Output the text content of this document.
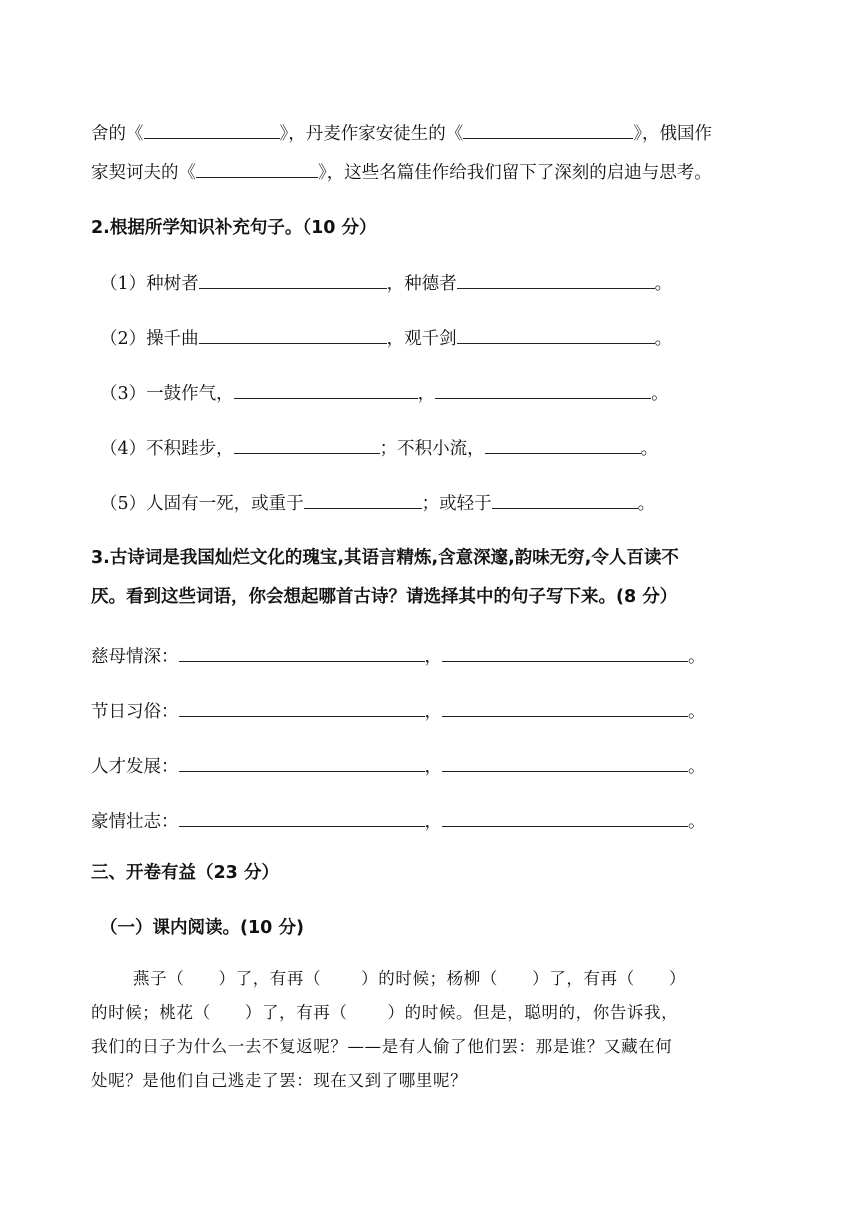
舍的《	》，丹麦作家安徒生的《	》，俄国作
家契诃夫的《	》，这些名篇佳作给我们留下了深刻的启迪与思考。
2.根据所学知识补充句子。（10 分）
（1）种树者	，种德者	。
（2）操千曲	，观千剑	。
（3）一鼓作气，	，	。
（4）不积跬步，	；不积小流，	。
（5）人固有一死，或重于	；或轻于	。
3.古诗词是我国灿烂文化的瑰宝,其语言精炼,含意深邃,韵味无穷,令人百读不
厌。看到这些词语，你会想起哪首古诗？请选择其中的句子写下来。(8 分）
慈母情深：	，	。
节日习俗：	，	。
人才发展：	，	。
豪情壮志：	，	。
三、开卷有益（23 分）
（一）课内阅读。(10 分)
燕子（　　）了，有再（　　 ）的时候；杨柳（　　）了，有再（　　）
的时候；桃花（　　）了，有再（　　 ）的时候。但是，聪明的，你告诉我，
我们的日子为什么一去不复返呢？——是有人偷了他们罢：那是谁？又藏在何
处呢？是他们自己逃走了罢：现在又到了哪里呢？
